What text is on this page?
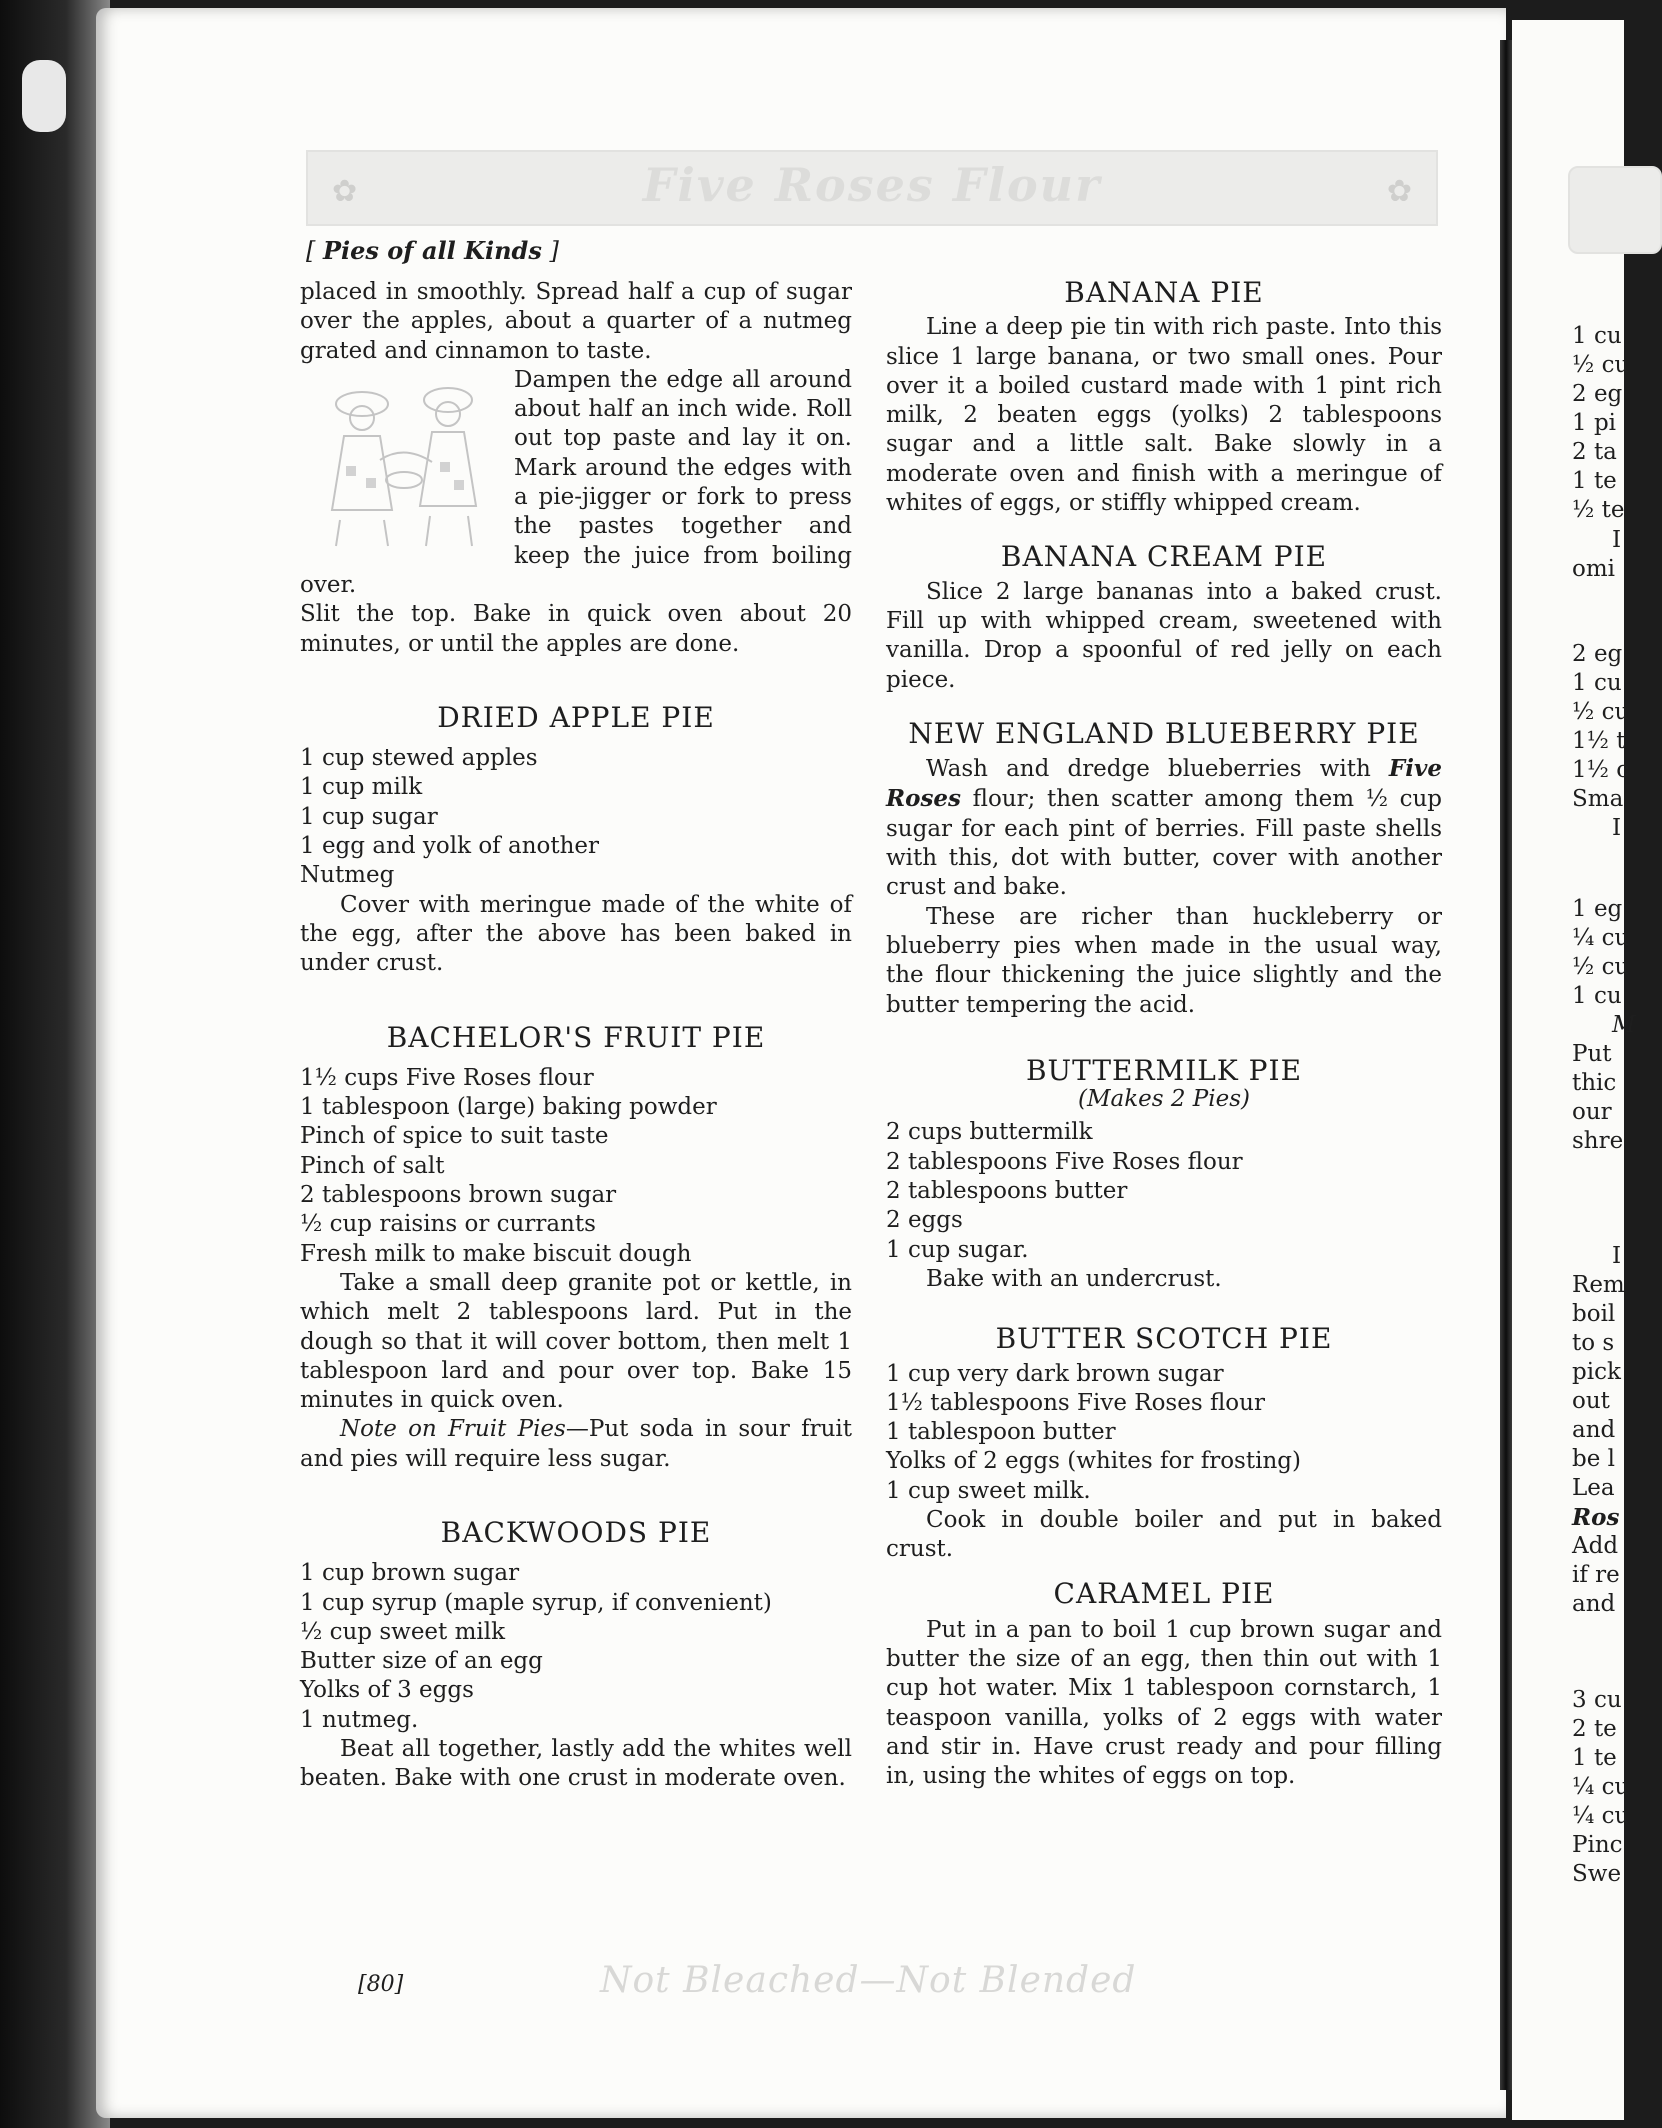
✿	Five Roses Flour	✿
[ Pies of all Kinds ]

placed in smoothly. Spread half a cup of sugar over the apples, about a quarter of a nutmeg grated and cinnamon to taste.

Dampen the edge all around about half an inch wide. Roll out top paste and lay it on. Mark around the edges with a pie-jigger or fork to press the pastes together and keep the juice from boiling over.

Slit the top. Bake in quick oven about 20 minutes, or until the apples are done.

DRIED APPLE PIE

1 cup stewed apples

1 cup milk

1 cup sugar

1 egg and yolk of another

Nutmeg

Cover with meringue made of the white of the egg, after the above has been baked in under crust.

BACHELOR'S FRUIT PIE

1½ cups Five Roses flour

1 tablespoon (large) baking powder

Pinch of spice to suit taste

Pinch of salt

2 tablespoons brown sugar

½ cup raisins or currants

Fresh milk to make biscuit dough

Take a small deep granite pot or kettle, in which melt 2 tablespoons lard. Put in the dough so that it will cover bottom, then melt 1 tablespoon lard and pour over top. Bake 15 minutes in quick oven.

Note on Fruit Pies—Put soda in sour fruit and pies will require less sugar.

BACKWOODS PIE

1 cup brown sugar

1 cup syrup (maple syrup, if convenient)

½ cup sweet milk

Butter size of an egg

Yolks of 3 eggs

1 nutmeg.

Beat all together, lastly add the whites well beaten. Bake with one crust in moderate oven.

BANANA PIE

Line a deep pie tin with rich paste. Into this slice 1 large banana, or two small ones. Pour over it a boiled custard made with 1 pint rich milk, 2 beaten eggs (yolks) 2 tablespoons sugar and a little salt. Bake slowly in a moderate oven and finish with a meringue of whites of eggs, or stiffly whipped cream.

BANANA CREAM PIE

Slice 2 large bananas into a baked crust. Fill up with whipped cream, sweetened with vanilla. Drop a spoonful of red jelly on each piece.

NEW ENGLAND BLUEBERRY PIE

Wash and dredge blueberries with Five Roses flour; then scatter among them ½ cup sugar for each pint of berries. Fill paste shells with this, dot with butter, cover with another crust and bake.

These are richer than huckleberry or blueberry pies when made in the usual way, the flour thickening the juice slightly and the butter tempering the acid.

BUTTERMILK PIE

(Makes 2 Pies)

2 cups buttermilk

2 tablespoons Five Roses flour

2 tablespoons butter

2 eggs

1 cup sugar.

Bake with an undercrust.

BUTTER SCOTCH PIE

1 cup very dark brown sugar

1½ tablespoons Five Roses flour

1 tablespoon butter

Yolks of 2 eggs (whites for frosting)

1 cup sweet milk.

Cook in double boiler and put in baked crust.

CARAMEL PIE

Put in a pan to boil 1 cup brown sugar and butter the size of an egg, then thin out with 1 cup hot water. Mix 1 tablespoon cornstarch, 1 teaspoon vanilla, yolks of 2 eggs with water and stir in. Have crust ready and pour filling in, using the whites of eggs on top.

[80]	Not Bleached—Not Blended
1 cu
½ cu
2 eg
1 pi
2 ta
1 te
½ te
I
omi
2 eg
1 cu
½ cu
1½ t
1½ c
Sma
I
1 eg
¼ cu
½ cu
1 cu
M
Put
thic
our
shre
I
Rem
boil
to s
pick
out
and
be l
Lea
Ros
Add
if re
and
3 cu
2 te
1 te
¼ cu
¼ cu
Pinc
Swe
